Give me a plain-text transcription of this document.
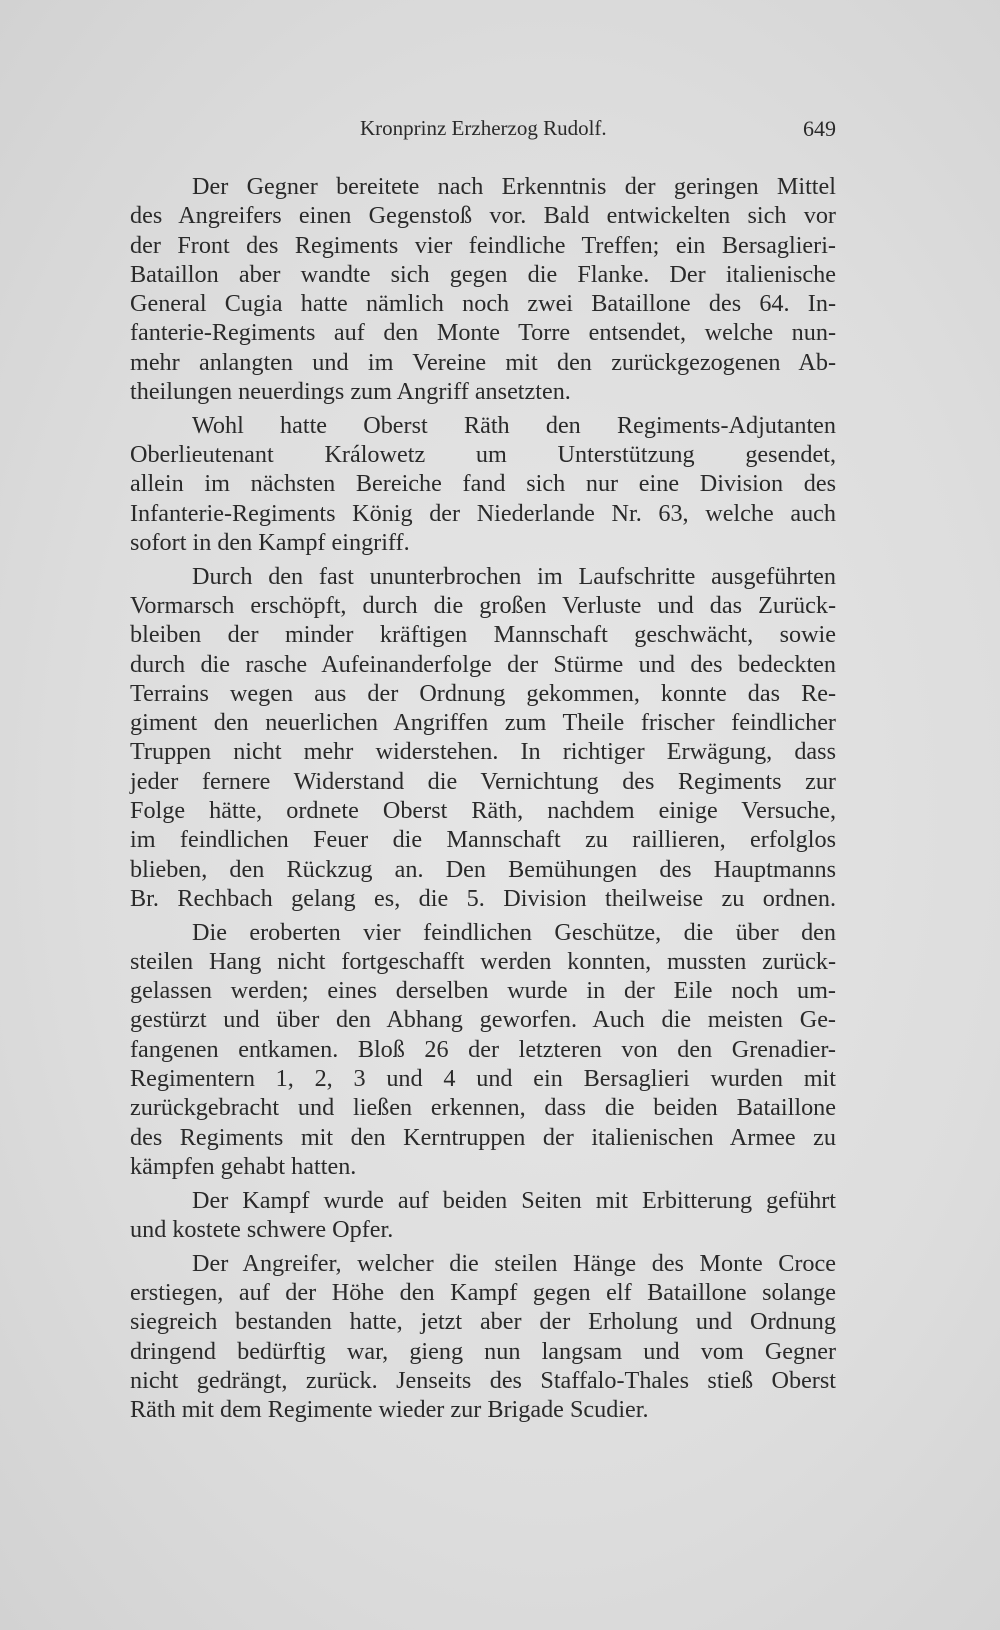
Kronprinz Erzherzog Rudolf.	649
Der Gegner bereitete nach Erkenntnis der geringen Mittel
des Angreifers einen Gegenstoß vor. Bald entwickelten sich vor
der Front des Regiments vier feindliche Treffen; ein Bersaglieri-
Bataillon aber wandte sich gegen die Flanke. Der italienische
General Cugia hatte nämlich noch zwei Bataillone des 64. In-
fanterie-Regiments auf den Monte Torre entsendet, welche nun-
mehr anlangten und im Vereine mit den zurückgezogenen Ab-
theilungen neuerdings zum Angriff ansetzten.
Wohl hatte Oberst Räth den Regiments-Adjutanten
Oberlieutenant Králowetz um Unterstützung gesendet,
allein im nächsten Bereiche fand sich nur eine Division des
Infanterie-Regiments König der Niederlande Nr. 63, welche auch
sofort in den Kampf eingriff.
Durch den fast ununterbrochen im Laufschritte ausgeführten
Vormarsch erschöpft, durch die großen Verluste und das Zurück-
bleiben der minder kräftigen Mannschaft geschwächt, sowie
durch die rasche Aufeinanderfolge der Stürme und des bedeckten
Terrains wegen aus der Ordnung gekommen, konnte das Re-
giment den neuerlichen Angriffen zum Theile frischer feindlicher
Truppen nicht mehr widerstehen. In richtiger Erwägung, dass
jeder fernere Widerstand die Vernichtung des Regiments zur
Folge hätte, ordnete Oberst Räth, nachdem einige Versuche,
im feindlichen Feuer die Mannschaft zu raillieren, erfolglos
blieben, den Rückzug an. Den Bemühungen des Hauptmanns
Br. Rechbach gelang es, die 5. Division theilweise zu ordnen.
Die eroberten vier feindlichen Geschütze, die über den
steilen Hang nicht fortgeschafft werden konnten, mussten zurück-
gelassen werden; eines derselben wurde in der Eile noch um-
gestürzt und über den Abhang geworfen. Auch die meisten Ge-
fangenen entkamen. Bloß 26 der letzteren von den Grenadier-
Regimentern 1, 2, 3 und 4 und ein Bersaglieri wurden mit
zurückgebracht und ließen erkennen, dass die beiden Bataillone
des Regiments mit den Kerntruppen der italienischen Armee zu
kämpfen gehabt hatten.
Der Kampf wurde auf beiden Seiten mit Erbitterung geführt
und kostete schwere Opfer.
Der Angreifer, welcher die steilen Hänge des Monte Croce
erstiegen, auf der Höhe den Kampf gegen elf Bataillone solange
siegreich bestanden hatte, jetzt aber der Erholung und Ordnung
dringend bedürftig war, gieng nun langsam und vom Gegner
nicht gedrängt, zurück. Jenseits des Staffalo-Thales stieß Oberst
Räth mit dem Regimente wieder zur Brigade Scudier.
